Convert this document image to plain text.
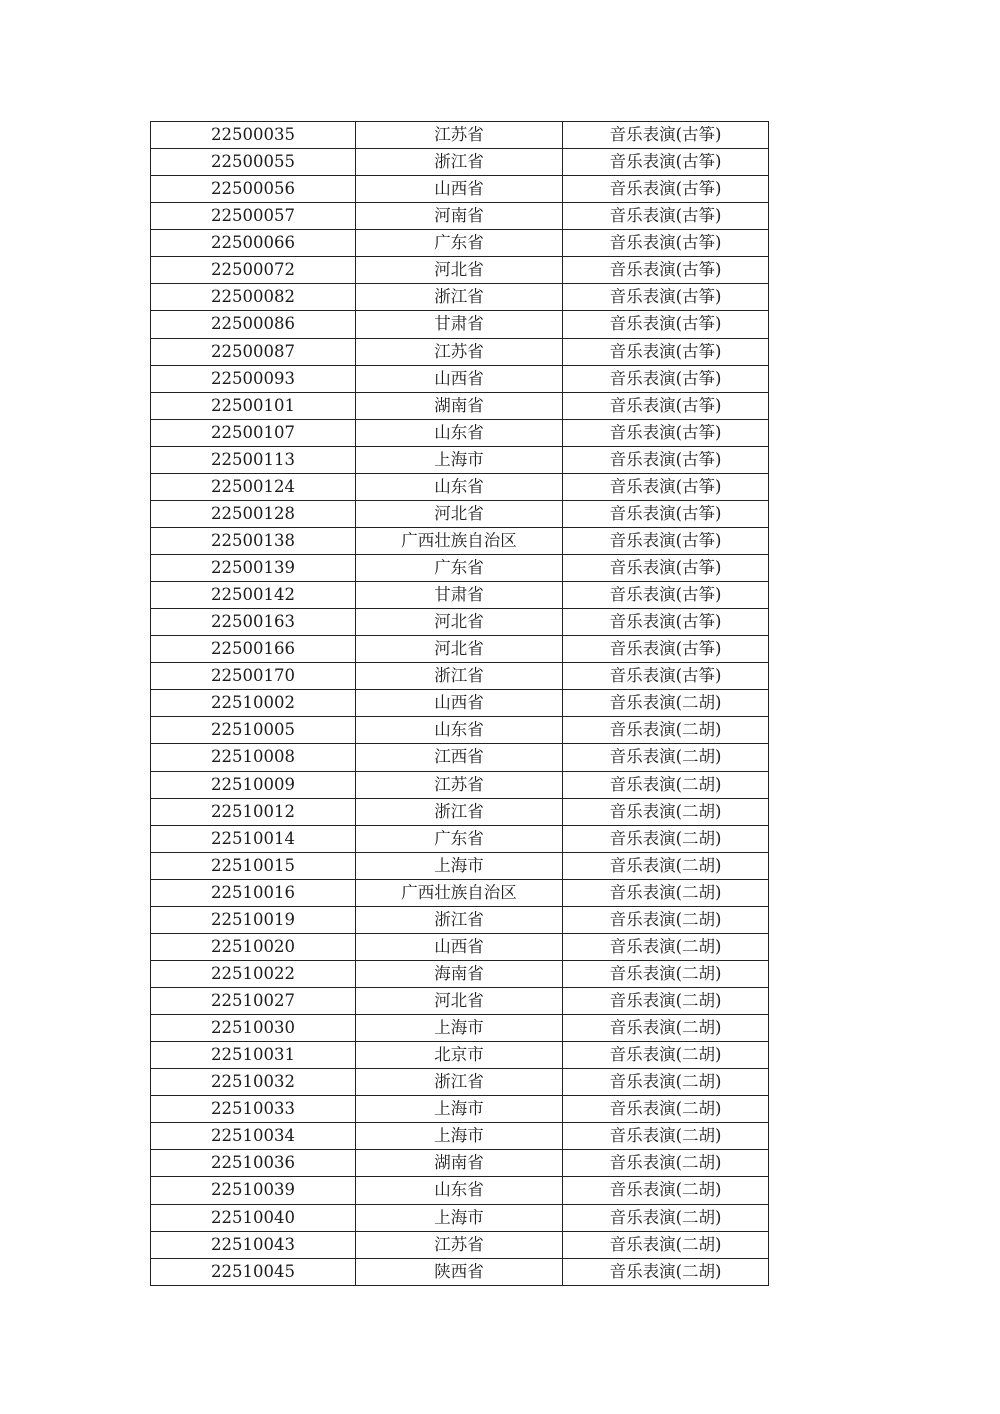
22500035	江苏省	音乐表演(古筝)
22500055	浙江省	音乐表演(古筝)
22500056	山西省	音乐表演(古筝)
22500057	河南省	音乐表演(古筝)
22500066	广东省	音乐表演(古筝)
22500072	河北省	音乐表演(古筝)
22500082	浙江省	音乐表演(古筝)
22500086	甘肃省	音乐表演(古筝)
22500087	江苏省	音乐表演(古筝)
22500093	山西省	音乐表演(古筝)
22500101	湖南省	音乐表演(古筝)
22500107	山东省	音乐表演(古筝)
22500113	上海市	音乐表演(古筝)
22500124	山东省	音乐表演(古筝)
22500128	河北省	音乐表演(古筝)
22500138	广西壮族自治区	音乐表演(古筝)
22500139	广东省	音乐表演(古筝)
22500142	甘肃省	音乐表演(古筝)
22500163	河北省	音乐表演(古筝)
22500166	河北省	音乐表演(古筝)
22500170	浙江省	音乐表演(古筝)
22510002	山西省	音乐表演(二胡)
22510005	山东省	音乐表演(二胡)
22510008	江西省	音乐表演(二胡)
22510009	江苏省	音乐表演(二胡)
22510012	浙江省	音乐表演(二胡)
22510014	广东省	音乐表演(二胡)
22510015	上海市	音乐表演(二胡)
22510016	广西壮族自治区	音乐表演(二胡)
22510019	浙江省	音乐表演(二胡)
22510020	山西省	音乐表演(二胡)
22510022	海南省	音乐表演(二胡)
22510027	河北省	音乐表演(二胡)
22510030	上海市	音乐表演(二胡)
22510031	北京市	音乐表演(二胡)
22510032	浙江省	音乐表演(二胡)
22510033	上海市	音乐表演(二胡)
22510034	上海市	音乐表演(二胡)
22510036	湖南省	音乐表演(二胡)
22510039	山东省	音乐表演(二胡)
22510040	上海市	音乐表演(二胡)
22510043	江苏省	音乐表演(二胡)
22510045	陕西省	音乐表演(二胡)
